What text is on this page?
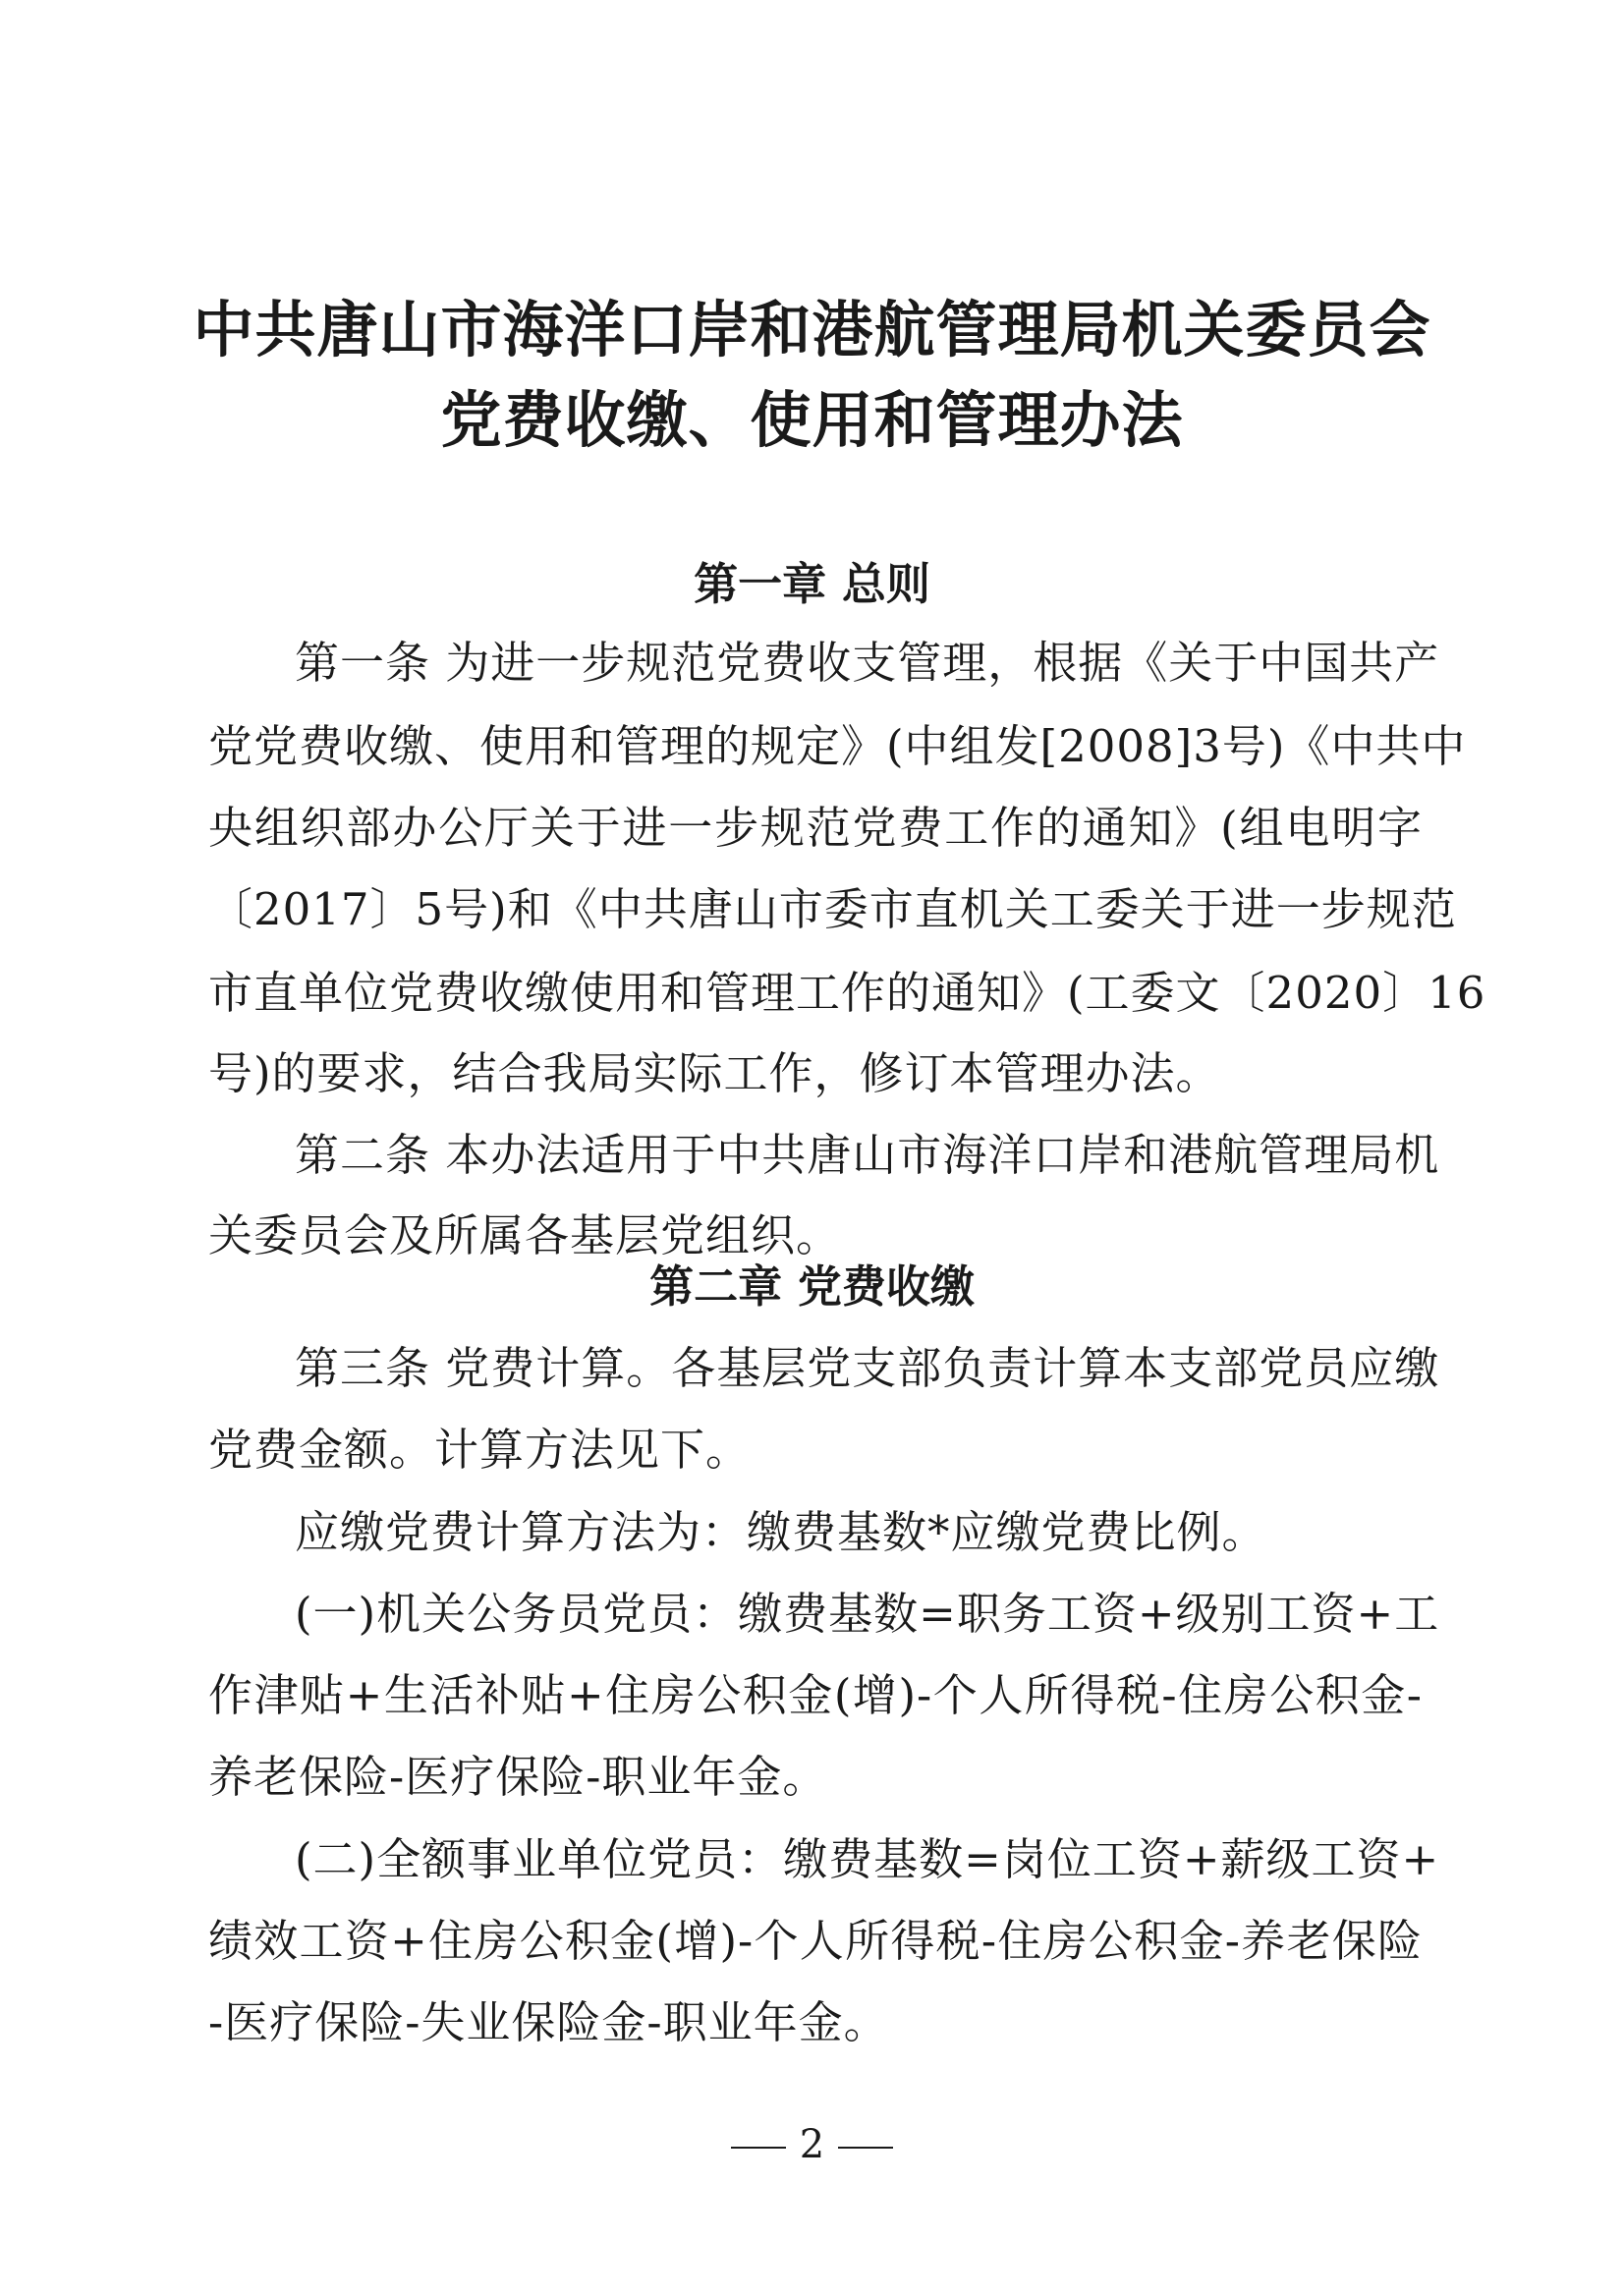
中共唐山市海洋口岸和港航管理局机关委员会
党费收缴、使用和管理办法
第一章 总则
第一条 为进一步规范党费收支管理，根据《关于中国共产
党党费收缴、使用和管理的规定》(中组发[2008]3号)《中共中
央组织部办公厅关于进一步规范党费工作的通知》(组电明字
〔2017〕5号)和《中共唐山市委市直机关工委关于进一步规范
市直单位党费收缴使用和管理工作的通知》(工委文〔2020〕16
号)的要求，结合我局实际工作，修订本管理办法。
第二条 本办法适用于中共唐山市海洋口岸和港航管理局机
关委员会及所属各基层党组织。
第二章 党费收缴
第三条 党费计算。各基层党支部负责计算本支部党员应缴
党费金额。计算方法见下。
应缴党费计算方法为：缴费基数*应缴党费比例。
(一)机关公务员党员：缴费基数=职务工资+级别工资+工
作津贴+生活补贴+住房公积金(增)-个人所得税-住房公积金-
养老保险-医疗保险-职业年金。
(二)全额事业单位党员：缴费基数=岗位工资+薪级工资+
绩效工资+住房公积金(增)-个人所得税-住房公积金-养老保险
-医疗保险-失业保险金-职业年金。
2
